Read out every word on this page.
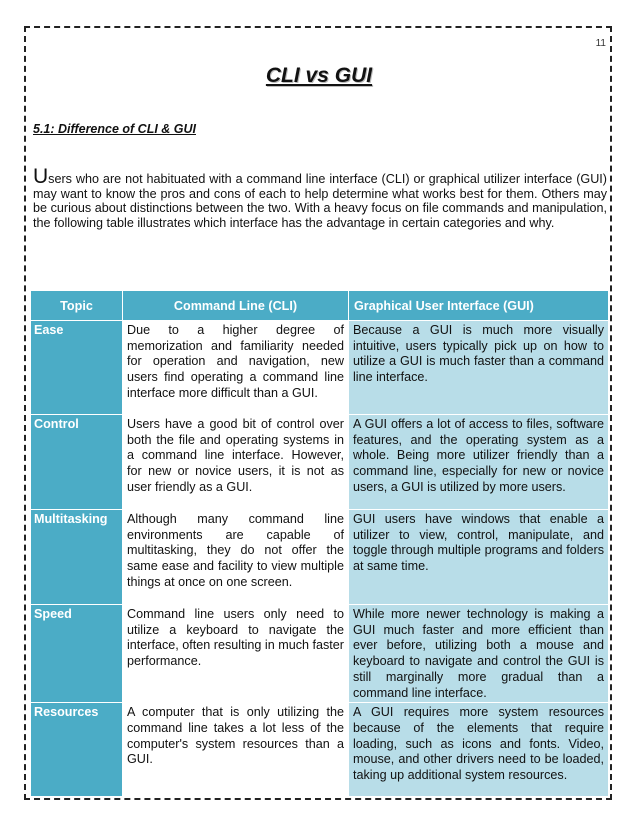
11
CLI vs GUI
5.1: Difference of CLI & GUI

Users who are not habituated with a command line interface (CLI) or graphical utilizer interface (GUI) may want to know the pros and cons of each to help determine what works best for them. Others may be curious about distinctions between the two. With a heavy focus on file commands and manipulation, the following table illustrates which interface has the advantage in certain categories and why.

Topic	Command Line (CLI)	Graphical User Interface (GUI)
Ease	Due to a higher degree of memorization and familiarity needed for operation and navigation, new users find operating a command line interface more difficult than a GUI.	Because a GUI is much more visually intuitive, users typically pick up on how to utilize a GUI is much faster than a command line interface.
Control	Users have a good bit of control over both the file and operating systems in a command line interface. However, for new or novice users, it is not as user friendly as a GUI.	A GUI offers a lot of access to files, software features, and the operating system as a whole. Being more utilizer friendly than a command line, especially for new or novice users, a GUI is utilized by more users.
Multitasking	Although many command line environments are capable of multitasking, they do not offer the same ease and facility to view multiple things at once on one screen.	GUI users have windows that enable a utilizer to view, control, manipulate, and toggle through multiple programs and folders at same time.
Speed	Command line users only need to utilize a keyboard to navigate the interface, often resulting in much faster performance.	While more newer technology is making a GUI much faster and more efficient than ever before, utilizing both a mouse and keyboard to navigate and control the GUI is still marginally more gradual than a command line interface.
Resources	A computer that is only utilizing the command line takes a lot less of the computer's system resources than a GUI.	A GUI requires more system resources because of the elements that require loading, such as icons and fonts. Video, mouse, and other drivers need to be loaded, taking up additional system resources.
